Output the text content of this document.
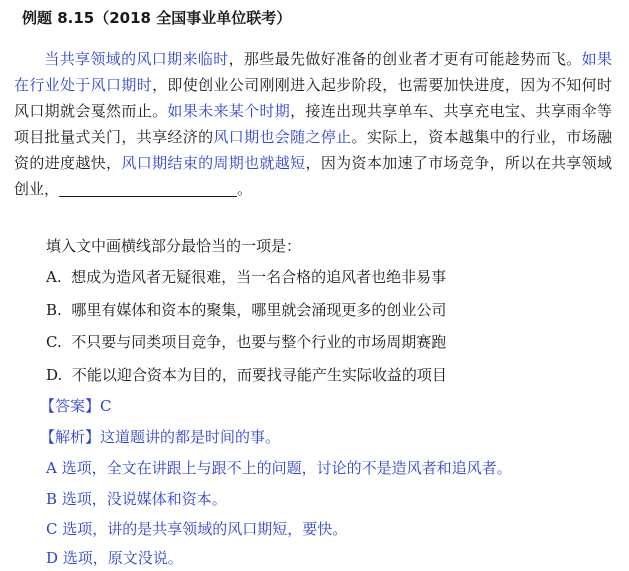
例题 8.15（2018 全国事业单位联考）
当共享领域的风口期来临时，那些最先做好准备的创业者才更有可能趁势而飞。如果在行业处于风口期时，即使创业公司刚刚进入起步阶段，也需要加快进度，因为不知何时风口期就会戛然而止。如果未来某个时期，接连出现共享单车、共享充电宝、共享雨伞等项目批量式关门，共享经济的风口期也会随之停止。实际上，资本越集中的行业，市场融资的进度越快，风口期结束的周期也就越短，因为资本加速了市场竞争，所以在共享领域创业，	。
填入文中画横线部分最恰当的一项是：
A. 想成为造风者无疑很难，当一名合格的追风者也绝非易事
B. 哪里有媒体和资本的聚集，哪里就会涌现更多的创业公司
C. 不只要与同类项目竞争，也要与整个行业的市场周期赛跑
D. 不能以迎合资本为目的，而要找寻能产生实际收益的项目
【答案】C
【解析】这道题讲的都是时间的事。
A 选项，全文在讲跟上与跟不上的问题，讨论的不是造风者和追风者。
B 选项，没说媒体和资本。
C 选项，讲的是共享领域的风口期短，要快。
D 选项，原文没说。
